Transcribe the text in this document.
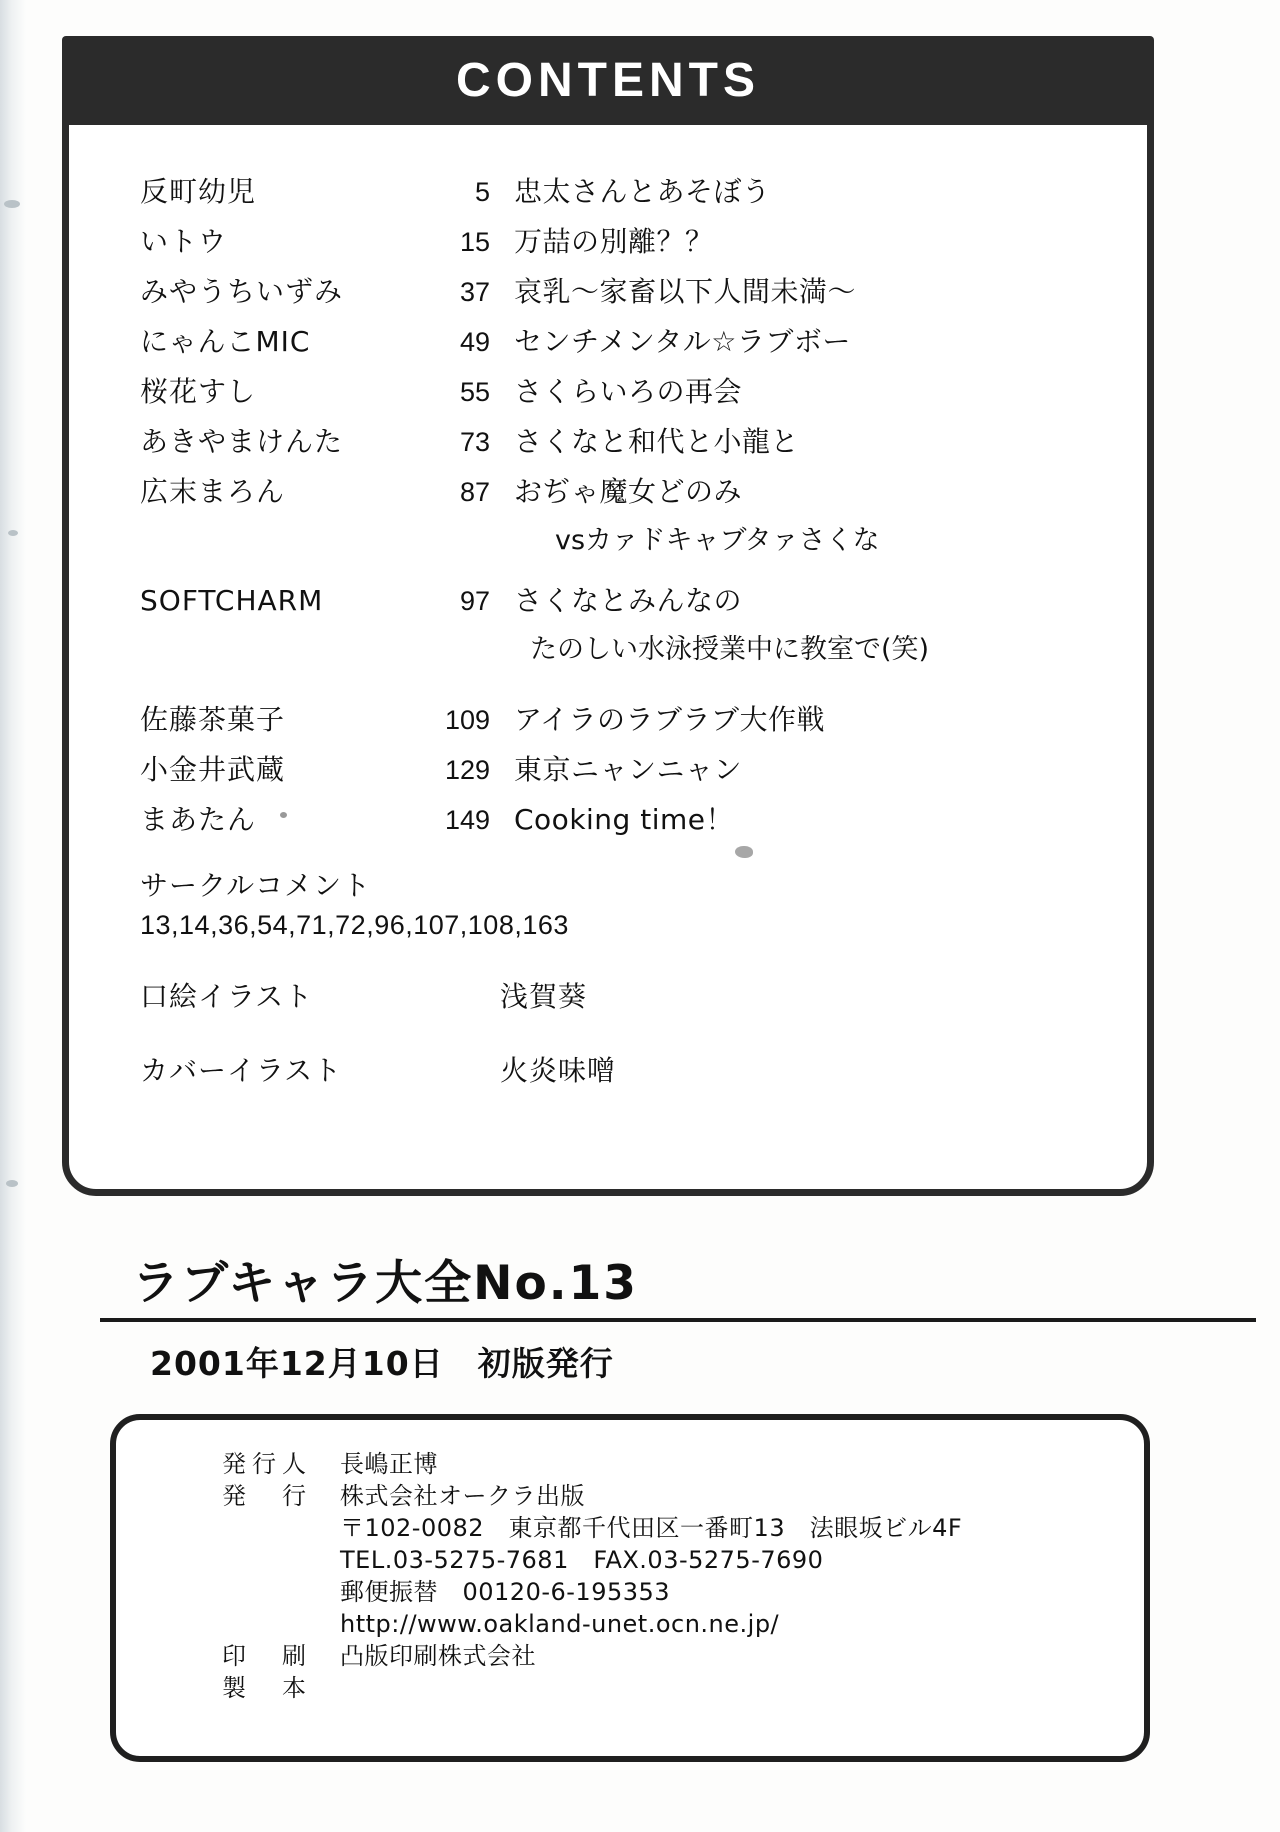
CONTENTS
反町幼児	5 忠太さんとあそぼう
いトウ	15 万喆の別離？？
みやうちいずみ	37 哀乳～家畜以下人間未満～
にゃんこMIC	49 センチメンタル☆ラブボー
桜花すし	55 さくらいろの再会
あきやまけんた	73 さくなと和代と小龍と
広末まろん	87 おぢゃ魔女どのみ
vsカァドキャブタァさくな
SOFTCHARM	97 さくなとみんなの
たのしい水泳授業中に教室で(笑)
佐藤茶菓子	109 アイラのラブラブ大作戦
小金井武蔵	129 東京ニャンニャン
まあたん	149 Cooking time！
サークルコメント
13,14,36,54,71,72,96,107,108,163
口絵イラスト	浅賀葵
カバーイラスト	火炎味噌
ラブキャラ大全No.13
2001年12月10日　初版発行
発行人	長嶋正博
発　行	株式会社オークラ出版
〒102-0082　東京都千代田区一番町13　法眼坂ビル4F
TEL.03-5275-7681　FAX.03-5275-7690
郵便振替　00120-6-195353
http://www.oakland-unet.ocn.ne.jp/
印　刷	凸版印刷株式会社
製　本
